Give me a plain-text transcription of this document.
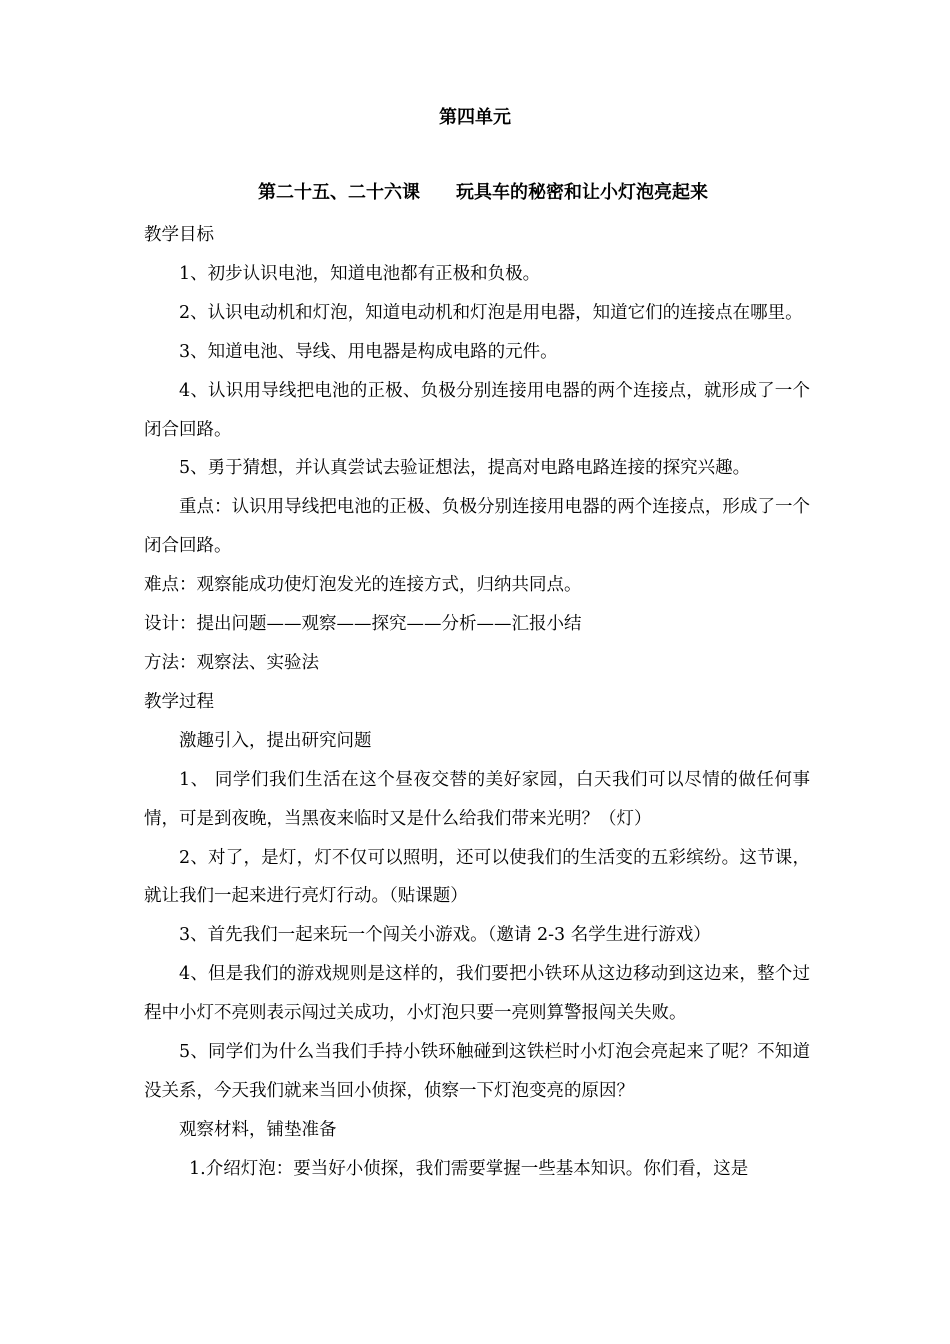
第四单元
第二十五、二十六课　　玩具车的秘密和让小灯泡亮起来

教学目标

1、初步认识电池，知道电池都有正极和负极。

2、认识电动机和灯泡，知道电动机和灯泡是用电器，知道它们的连接点在哪里。

3、知道电池、导线、用电器是构成电路的元件。

4、认识用导线把电池的正极、负极分别连接用电器的两个连接点，就形成了一个闭合回路。

5、勇于猜想，并认真尝试去验证想法，提高对电路电路连接的探究兴趣。

重点：认识用导线把电池的正极、负极分别连接用电器的两个连接点，形成了一个闭合回路。

难点：观察能成功使灯泡发光的连接方式，归纳共同点。

设计：提出问题——观察——探究——分析——汇报小结

方法：观察法、实验法

教学过程

激趣引入，提出研究问题

1、 同学们我们生活在这个昼夜交替的美好家园，白天我们可以尽情的做任何事情，可是到夜晚，当黑夜来临时又是什么给我们带来光明？（灯）

2、对了，是灯，灯不仅可以照明，还可以使我们的生活变的五彩缤纷。这节课，就让我们一起来进行亮灯行动。（贴课题）

3、首先我们一起来玩一个闯关小游戏。（邀请 2-3 名学生进行游戏）

4、但是我们的游戏规则是这样的，我们要把小铁环从这边移动到这边来，整个过程中小灯不亮则表示闯过关成功，小灯泡只要一亮则算警报闯关失败。

5、同学们为什么当我们手持小铁环触碰到这铁栏时小灯泡会亮起来了呢？不知道没关系，今天我们就来当回小侦探，侦察一下灯泡变亮的原因？

观察材料，铺垫准备

1.介绍灯泡：要当好小侦探，我们需要掌握一些基本知识。你们看，这是
